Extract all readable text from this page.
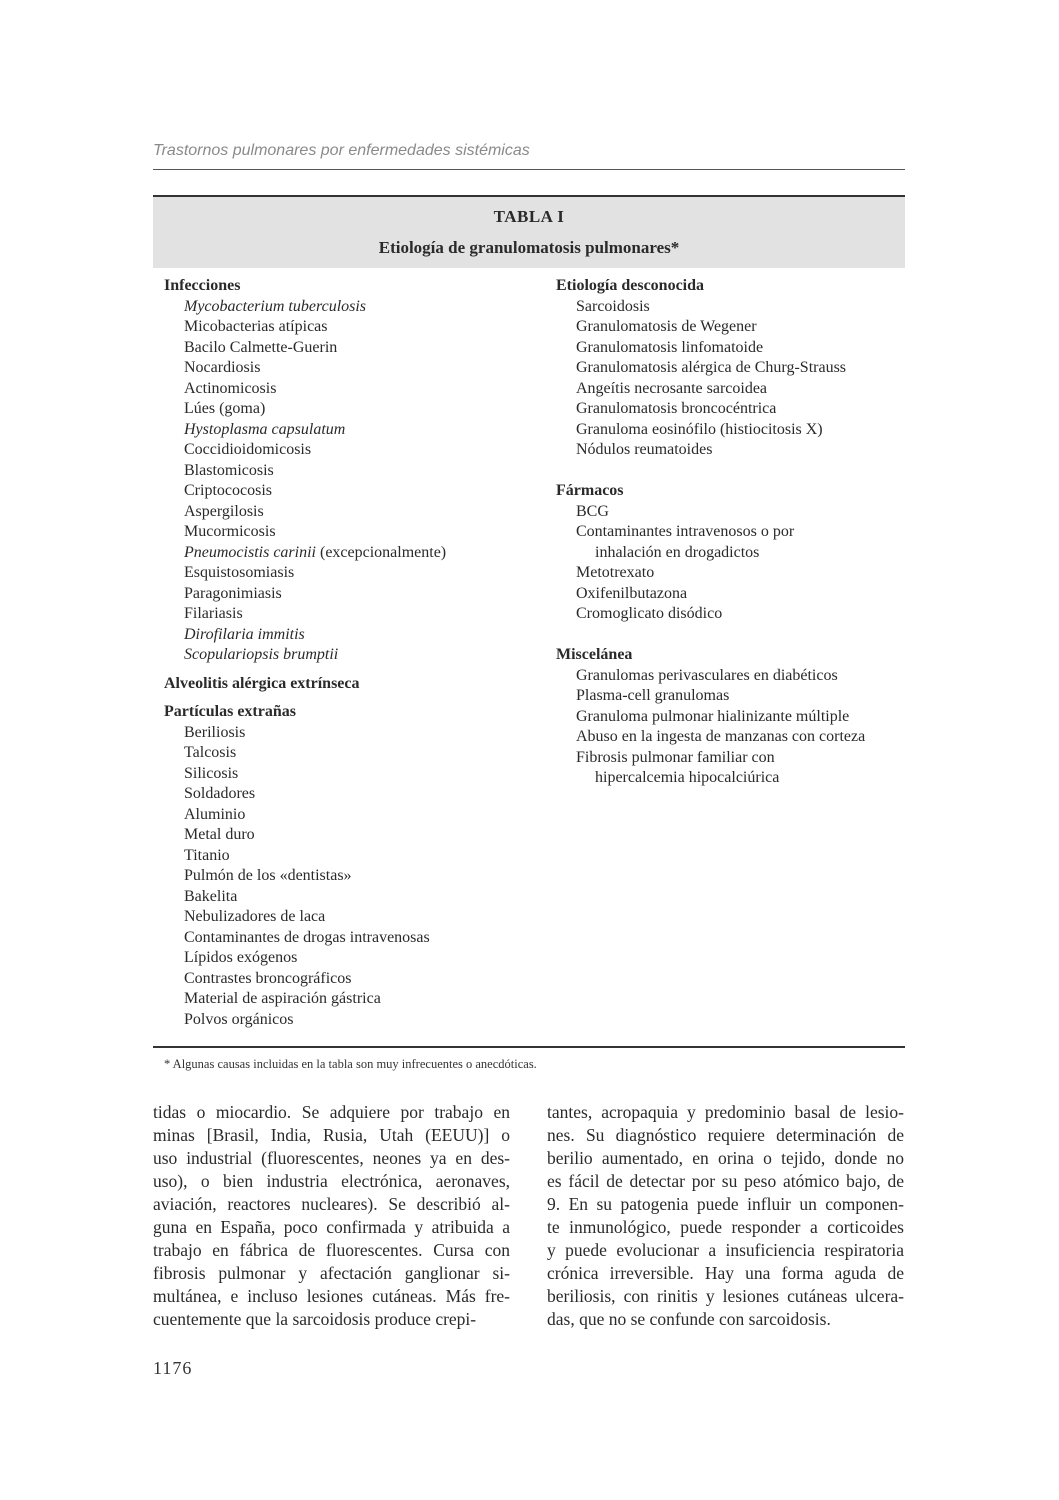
Trastornos pulmonares por enfermedades sistémicas
TABLA I
Etiología de granulomatosis pulmonares*
Infecciones
Mycobacterium tuberculosis
Micobacterias atípicas
Bacilo Calmette-Guerin
Nocardiosis
Actinomicosis
Lúes (goma)
Hystoplasma capsulatum
Coccidioidomicosis
Blastomicosis
Criptococosis
Aspergilosis
Mucormicosis
Pneumocistis carinii (excepcionalmente)
Esquistosomiasis
Paragonimiasis
Filariasis
Dirofilaria immitis
Scopulariopsis brumptii
Alveolitis alérgica extrínseca
Partículas extrañas
Beriliosis
Talcosis
Silicosis
Soldadores
Aluminio
Metal duro
Titanio
Pulmón de los «dentistas»
Bakelita
Nebulizadores de laca
Contaminantes de drogas intravenosas
Lípidos exógenos
Contrastes broncográficos
Material de aspiración gástrica
Polvos orgánicos
Etiología desconocida
Sarcoidosis
Granulomatosis de Wegener
Granulomatosis linfomatoide
Granulomatosis alérgica de Churg-Strauss
Angeítis necrosante sarcoidea
Granulomatosis broncocéntrica
Granuloma eosinófilo (histiocitosis X)
Nódulos reumatoides
Fármacos
BCG
Contaminantes intravenosos o por
inhalación en drogadictos
Metotrexato
Oxifenilbutazona
Cromoglicato disódico
Miscelánea
Granulomas perivasculares en diabéticos
Plasma-cell granulomas
Granuloma pulmonar hialinizante múltiple
Abuso en la ingesta de manzanas con corteza
Fibrosis pulmonar familiar con
hipercalcemia hipocalciúrica
* Algunas causas incluidas en la tabla son muy infrecuentes o anecdóticas.
tidas o miocardio. Se adquiere por trabajo en
minas [Brasil, India, Rusia, Utah (EEUU)] o
uso industrial (fluorescentes, neones ya en des-
uso), o bien industria electrónica, aeronaves,
aviación, reactores nucleares). Se describió al-
guna en España, poco confirmada y atribuida a
trabajo en fábrica de fluorescentes. Cursa con
fibrosis pulmonar y afectación ganglionar si-
multánea, e incluso lesiones cutáneas. Más fre-
cuentemente que la sarcoidosis produce crepi-
tantes, acropaquia y predominio basal de lesio-
nes. Su diagnóstico requiere determinación de
berilio aumentado, en orina o tejido, donde no
es fácil de detectar por su peso atómico bajo, de
9. En su patogenia puede influir un componen-
te inmunológico, puede responder a corticoides
y puede evolucionar a insuficiencia respiratoria
crónica irreversible. Hay una forma aguda de
beriliosis, con rinitis y lesiones cutáneas ulcera-
das, que no se confunde con sarcoidosis.
1176
